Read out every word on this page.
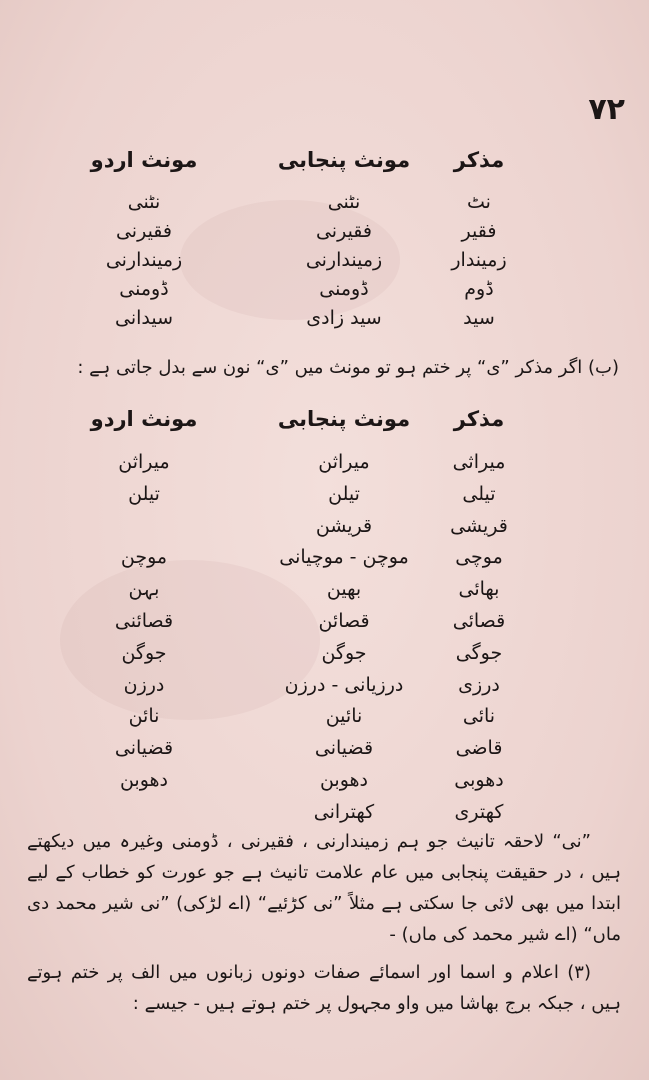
۷۲
مذکر
مونث پنجابی
مونث اردو
نٹ
نٹنی
نٹنی
فقیر
فقیرنی
فقیرنی
زمیندار
زمیندارنی
زمیندارنی
ڈوم
ڈومنی
ڈومنی
سید
سید زادی
سیدانی
(ب) اگر مذکر ”ی“ پر ختم ہو تو مونث میں ”ی“ نون سے بدل جاتی ہے :
مذکر
مونث پنجابی
مونث اردو
میراثی
میراثن
میراثن
تیلی
تیلن
تیلن
قریشی
قریشن
موچی
موچن - موچیانی
موچن
بھائی
بھین
بہن
قصائی
قصائن
قصائنی
جوگی
جوگن
جوگن
درزی
درزیانی - درزن
درزن
نائی
نائین
نائن
قاضی
قضیانی
قضیانی
دھوبی
دھوبن
دھوبن
کھتری
کھترانی
”نی“ لاحقہ تانیث جو ہم زمیندارنی ، فقیرنی ، ڈومنی وغیرہ میں دیکھتے ہیں ، در حقیقت پنجابی میں عام علامت تانیث ہے جو عورت کو خطاب کے لیے ابتدا میں بھی لائی جا سکتی ہے مثلاً ”نی کڑئیے“ (اے لڑکی) ”نی شیر محمد دی ماں“ (اے شیر محمد کی ماں) -
(۳) اعلام و اسما اور اسمائے صفات دونوں زبانوں میں الف پر ختم ہوتے ہیں ، جبکہ برج بھاشا میں واو مجہول پر ختم ہوتے ہیں - جیسے :
